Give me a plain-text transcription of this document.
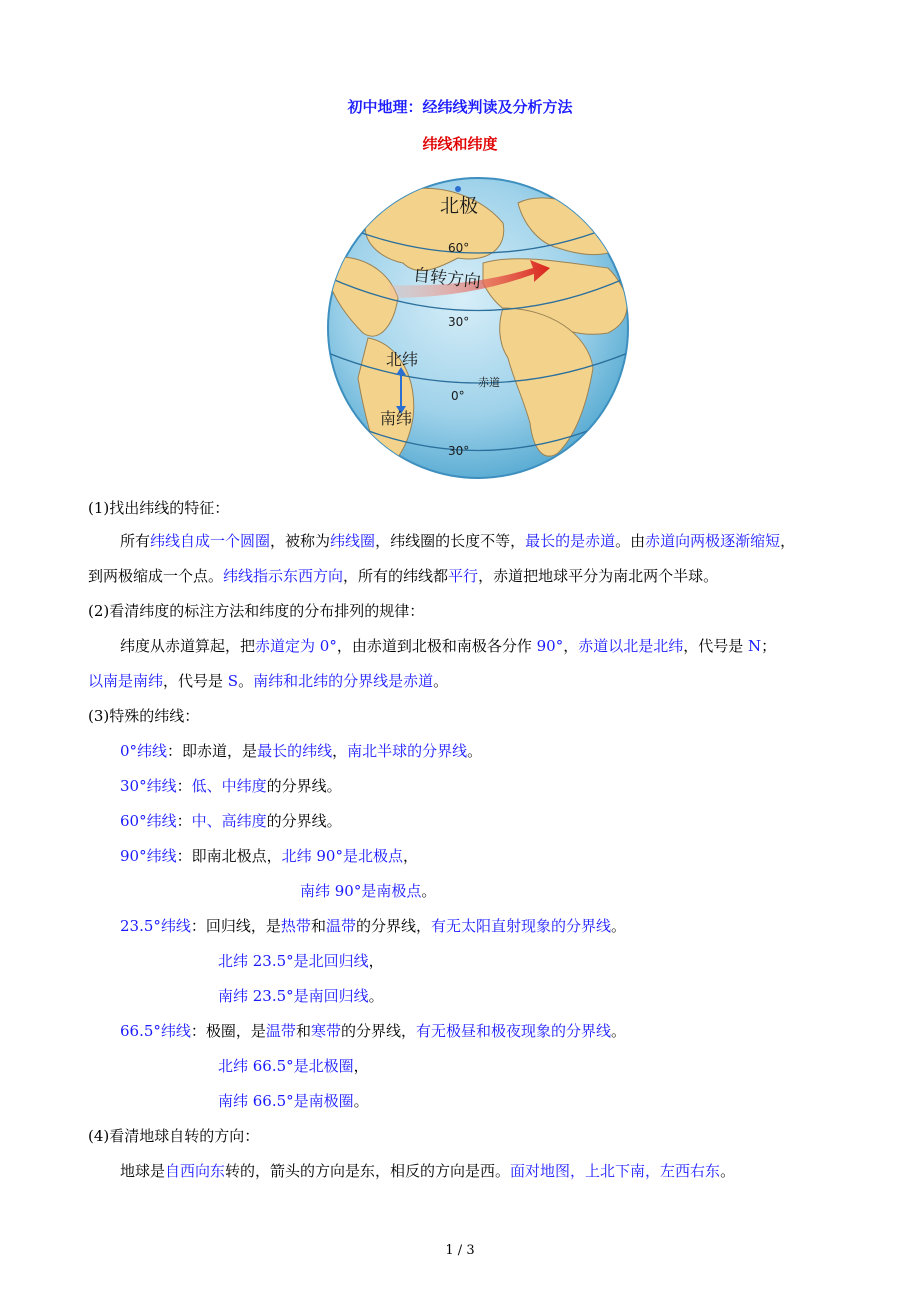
初中地理：经纬线判读及分析方法
纬线和纬度
北极
60°
自转方向
30°
北纬
赤道
0°
南纬
30°
(1)找出纬线的特征：
所有纬线自成一个圆圈，被称为纬线圈，纬线圈的长度不等，最长的是赤道。由赤道向两极逐渐缩短，
到两极缩成一个点。纬线指示东西方向，所有的纬线都平行，赤道把地球平分为南北两个半球。
(2)看清纬度的标注方法和纬度的分布排列的规律：
纬度从赤道算起，把赤道定为 0°，由赤道到北极和南极各分作 90°，赤道以北是北纬，代号是 N；
以南是南纬，代号是 S。南纬和北纬的分界线是赤道。
(3)特殊的纬线：
0°纬线：即赤道，是最长的纬线，南北半球的分界线。
30°纬线：低、中纬度的分界线。
60°纬线：中、高纬度的分界线。
90°纬线：即南北极点，北纬 90°是北极点，
南纬 90°是南极点。
23.5°纬线：回归线，是热带和温带的分界线，有无太阳直射现象的分界线。
北纬 23.5°是北回归线，
南纬 23.5°是南回归线。
66.5°纬线：极圈，是温带和寒带的分界线，有无极昼和极夜现象的分界线。
北纬 66.5°是北极圈，
南纬 66.5°是南极圈。
(4)看清地球自转的方向：
地球是自西向东转的，箭头的方向是东，相反的方向是西。面对地图，上北下南，左西右东。
1 / 3
